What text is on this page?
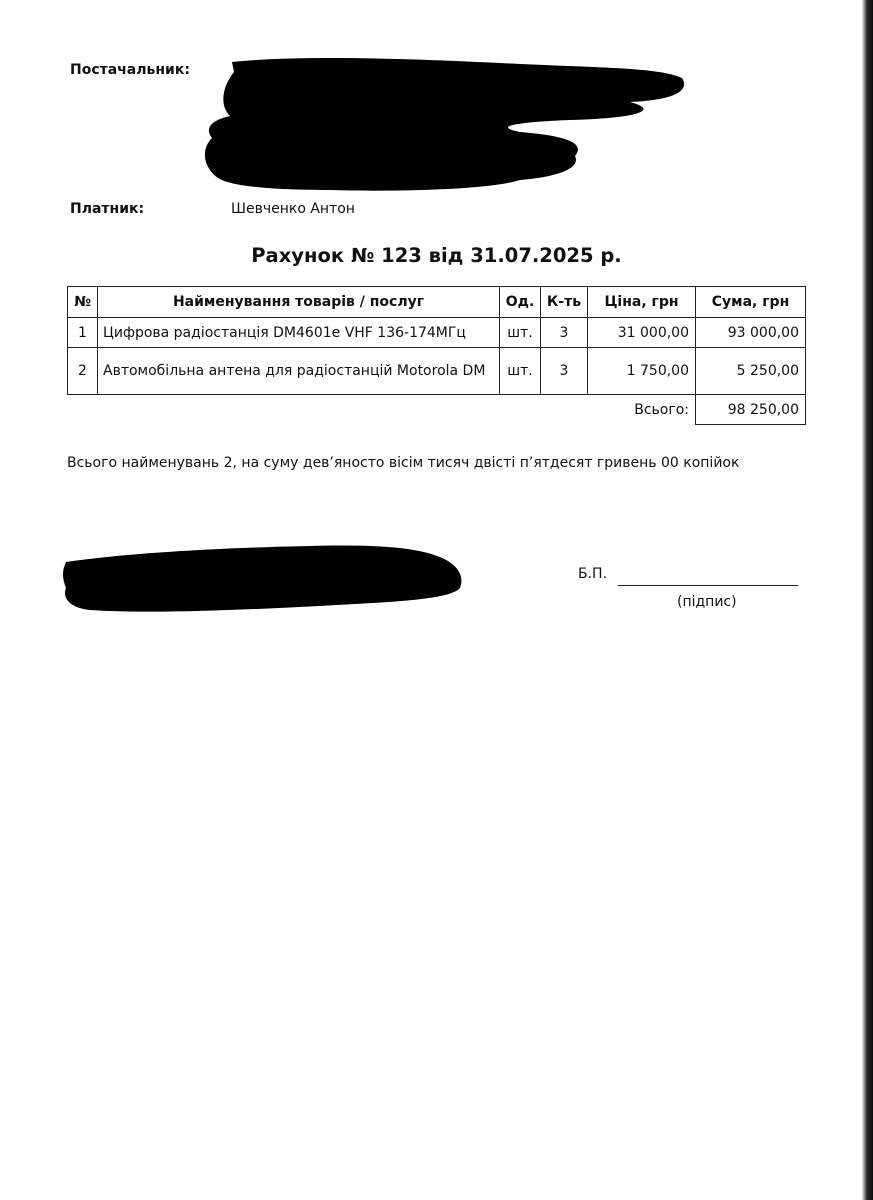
Постачальник:
Платник:	Шевченко Антон
Рахунок № 123 від 31.07.2025 р.
№	Найменування товарів / послуг	Од.	К-ть	Ціна, грн	Сума, грн
1	Цифрова радіостанція DM4601e VHF 136-174МГц	шт.	3	31 000,00	93 000,00
2	Автомобільна антена для радіостанцій Motorola DM	шт.	3	1 750,00	5 250,00
				Всього:	98 250,00
Всього найменувань 2, на суму дев’яносто вісім тисяч двісті п’ятдесят гривень 00 копійок
Б.П.
(підпис)
